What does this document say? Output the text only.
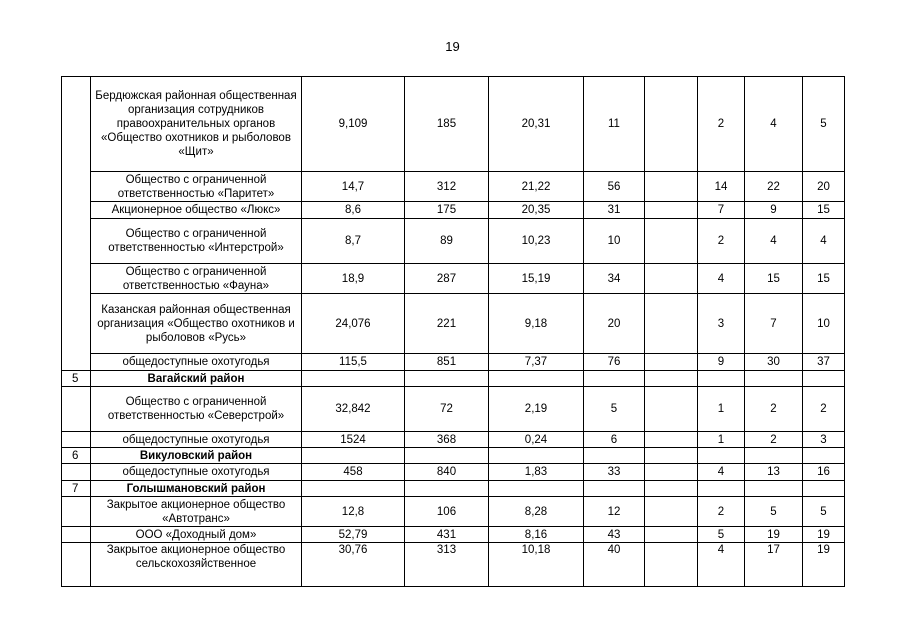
19
	Бердюжская районная общественная организация сотрудников правоохранительных органов «Общество охотников и рыболовов «Щит»	9,109	185	20,31	11		2	4	5
	Общество с ограниченной ответственностью «Паритет»	14,7	312	21,22	56		14	22	20
	Акционерное общество «Люкс»	8,6	175	20,35	31		7	9	15
	Общество с ограниченной ответственностью «Интерстрой»	8,7	89	10,23	10		2	4	4
	Общество с ограниченной ответственностью «Фауна»	18,9	287	15,19	34		4	15	15
	Казанская районная общественная организация «Общество охотников и рыболовов «Русь»	24,076	221	9,18	20		3	7	10
	общедоступные охотугодья	115,5	851	7,37	76		9	30	37
5	Вагайский район								
	Общество с ограниченной ответственностью «Северстрой»	32,842	72	2,19	5		1	2	2
	общедоступные охотугодья	1524	368	0,24	6		1	2	3
6	Викуловский район								
	общедоступные охотугодья	458	840	1,83	33		4	13	16
7	Голышмановский район								
	Закрытое акционерное общество «Автотранс»	12,8	106	8,28	12		2	5	5
	ООО «Доходный дом»	52,79	431	8,16	43		5	19	19
	Закрытое акционерное общество сельскохозяйственное	30,76	313	10,18	40		4	17	19
